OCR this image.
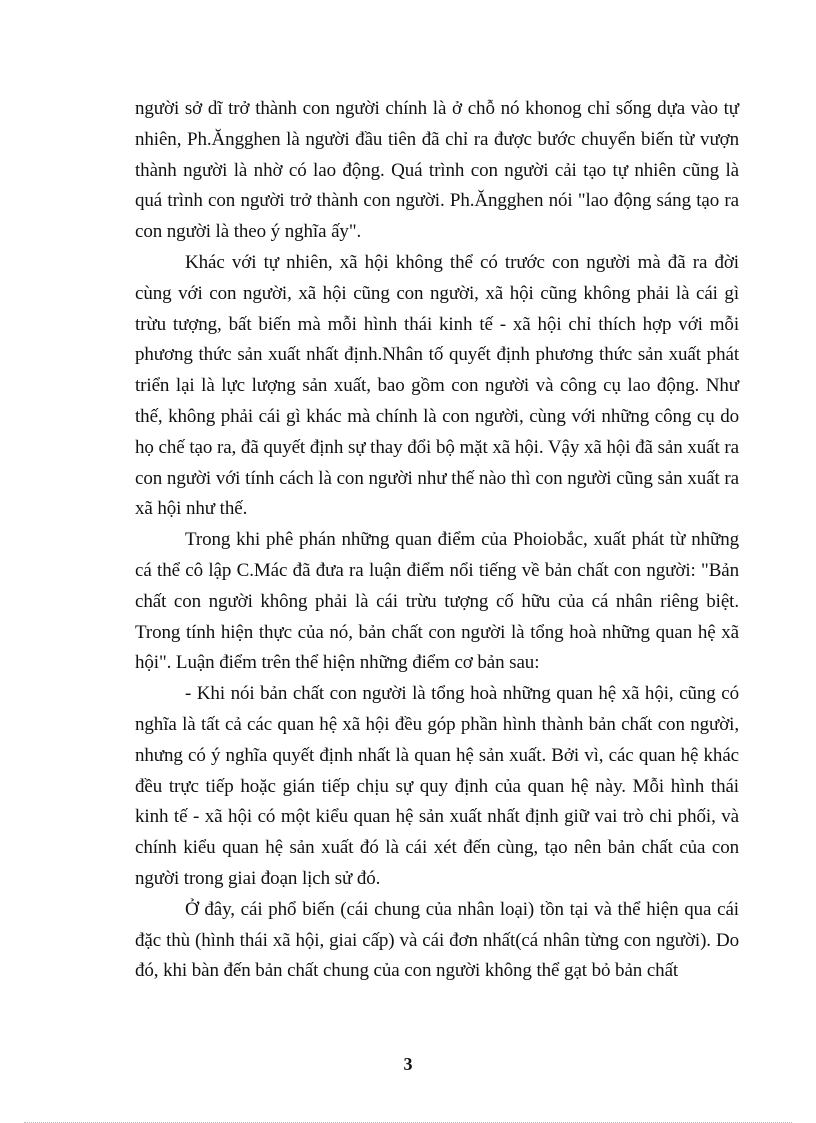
người sở dĩ trở thành con người chính là ở chỗ nó khonog chỉ sống dựa vào tự nhiên, Ph.Ăngghen là người đầu tiên đã chỉ ra được bước chuyển biến từ vượn thành người là nhờ có lao động. Quá trình con người cải tạo tự nhiên cũng là quá trình con người trở thành con người. Ph.Ăngghen nói "lao động sáng tạo ra con người là theo ý nghĩa ấy".

Khác với tự nhiên, xã hội không thể có trước con người mà đã ra đời cùng với con người, xã hội cũng con người, xã hội cũng không phải là cái gì trừu tượng, bất biến mà mỗi hình thái kinh tế - xã hội chỉ thích hợp với mỗi phương thức sản xuất nhất định.Nhân tố quyết định phương thức sản xuất phát triển lại là lực lượng sản xuất, bao gồm con người và công cụ lao động. Như thế, không phải cái gì khác mà chính là con người, cùng với những công cụ do họ chế tạo ra, đã quyết định sự thay đổi bộ mặt xã hội. Vậy xã hội đã sản xuất ra con người với tính cách là con người như thế nào thì con người cũng sản xuất ra xã hội như thế.

Trong khi phê phán những quan điểm của Phoiobắc, xuất phát từ những cá thể cô lập C.Mác đã đưa ra luận điểm nổi tiếng về bản chất con người: "Bản chất con người không phải là cái trừu tượng cố hữu của cá nhân riêng biệt. Trong tính hiện thực của nó, bản chất con người là tổng hoà những quan hệ xã hội". Luận điểm trên thể hiện những điểm cơ bản sau:

- Khi nói bản chất con người là tổng hoà những quan hệ xã hội, cũng có nghĩa là tất cả các quan hệ xã hội đều góp phần hình thành bản chất con người, nhưng có ý nghĩa quyết định nhất là quan hệ sản xuất. Bởi vì, các quan hệ khác đều trực tiếp hoặc gián tiếp chịu sự quy định của quan hệ này. Mỗi hình thái kinh tế - xã hội có một kiểu quan hệ sản xuất nhất định giữ vai trò chi phối, và chính kiểu quan hệ sản xuất đó là cái xét đến cùng, tạo nên bản chất của con người trong giai đoạn lịch sử đó.

Ở đây, cái phổ biến (cái chung của nhân loại) tồn tại và thể hiện qua cái đặc thù (hình thái xã hội, giai cấp) và cái đơn nhất(cá nhân từng con người). Do đó, khi bàn đến bản chất chung của con người không thể gạt bỏ bản chất

3
